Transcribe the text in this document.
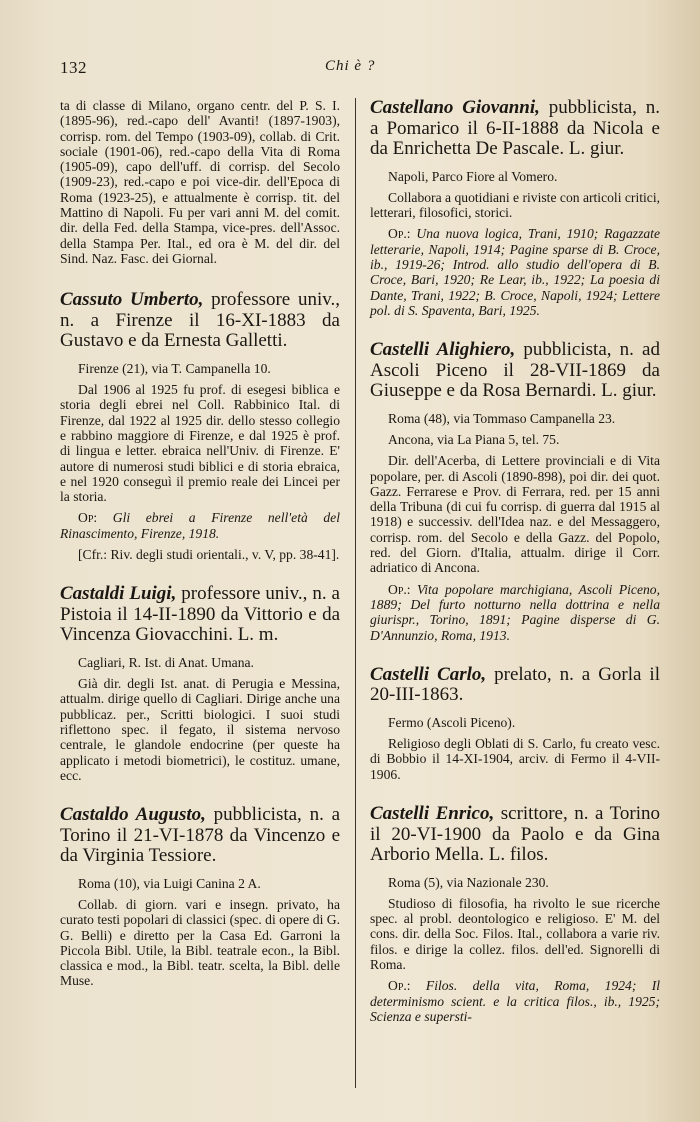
132	Chi è ?

ta di classe di Milano, organo centr. del P. S. I. (1895-96), red.-capo dell' Avanti! (1897-1903), corrisp. rom. del Tempo (1903-09), collab. di Crit. sociale (1901-06), red.-capo della Vita di Roma (1905-09), capo dell'uff. di corrisp. del Secolo (1909-23), red.-capo e poi vice-dir. dell'Epoca di Roma (1923-25), e attualmente è corrisp. tit. del Mattino di Napoli. Fu per vari anni M. del comit. dir. della Fed. della Stampa, vice-pres. dell'Assoc. della Stampa Per. Ital., ed ora è M. del dir. del Sind. Naz. Fasc. dei Giornal.

Cassuto Umberto, professore univ., n. a Firenze il 16-XI-1883 da Gustavo e da Ernesta Galletti.

Firenze (21), via T. Campanella 10.

Dal 1906 al 1925 fu prof. di esegesi biblica e storia degli ebrei nel Coll. Rabbinico Ital. di Firenze, dal 1922 al 1925 dir. dello stesso collegio e rabbino maggiore di Firenze, e dal 1925 è prof. di lingua e letter. ebraica nell'Univ. di Firenze. E' autore di numerosi studi biblici e di storia ebraica, e nel 1920 conseguì il premio reale dei Lincei per la storia.

Op: Gli ebrei a Firenze nell'età del Rinascimento, Firenze, 1918.

[Cfr.: Riv. degli studi orientali., v. V, pp. 38-41].

Castaldi Luigi, professore univ., n. a Pistoia il 14-II-1890 da Vittorio e da Vincenza Giovacchini. L. m.

Cagliari, R. Ist. di Anat. Umana.

Già dir. degli Ist. anat. di Perugia e Messina, attualm. dirige quello di Cagliari. Dirige anche una pubblicaz. per., Scritti biologici. I suoi studi riflettono spec. il fegato, il sistema nervoso centrale, le glandole endocrine (per queste ha applicato i metodi biometrici), le costituz. umane, ecc.

Castaldo Augusto, pubblicista, n. a Torino il 21-VI-1878 da Vincenzo e da Virginia Tessiore.

Roma (10), via Luigi Canina 2 A.

Collab. di giorn. vari e insegn. privato, ha curato testi popolari di classici (spec. di opere di G. G. Belli) e diretto per la Casa Ed. Garroni la Piccola Bibl. Utile, la Bibl. teatrale econ., la Bibl. classica e mod., la Bibl. teatr. scelta, la Bibl. delle Muse.

Castellano Giovanni, pubblicista, n. a Pomarico il 6-II-1888 da Nicola e da Enrichetta De Pascale. L. giur.

Napoli, Parco Fiore al Vomero.

Collabora a quotidiani e riviste con articoli critici, letterari, filosofici, storici.

Op.: Una nuova logica, Trani, 1910; Ragazzate letterarie, Napoli, 1914; Pagine sparse di B. Croce, ib., 1919-26; Introd. allo studio dell'opera di B. Croce, Bari, 1920; Re Lear, ib., 1922; La poesia di Dante, Trani, 1922; B. Croce, Napoli, 1924; Lettere pol. di S. Spaventa, Bari, 1925.

Castelli Alighiero, pubblicista, n. ad Ascoli Piceno il 28-VII-1869 da Giuseppe e da Rosa Bernardi. L. giur.

Roma (48), via Tommaso Campanella 23.

Ancona, via La Piana 5, tel. 75.

Dir. dell'Acerba, di Lettere provinciali e di Vita popolare, per. di Ascoli (1890-898), poi dir. dei quot. Gazz. Ferrarese e Prov. di Ferrara, red. per 15 anni della Tribuna (di cui fu corrisp. di guerra dal 1915 al 1918) e successiv. dell'Idea naz. e del Messaggero, corrisp. rom. del Secolo e della Gazz. del Popolo, red. del Giorn. d'Italia, attualm. dirige il Corr. adriatico di Ancona.

Op.: Vita popolare marchigiana, Ascoli Piceno, 1889; Del furto notturno nella dottrina e nella giurispr., Torino, 1891; Pagine disperse di G. D'Annunzio, Roma, 1913.

Castelli Carlo, prelato, n. a Gorla il 20-III-1863.

Fermo (Ascoli Piceno).

Religioso degli Oblati di S. Carlo, fu creato vesc. di Bobbio il 14-XI-1904, arciv. di Fermo il 4-VII-1906.

Castelli Enrico, scrittore, n. a Torino il 20-VI-1900 da Paolo e da Gina Arborio Mella. L. filos.

Roma (5), via Nazionale 230.

Studioso di filosofia, ha rivolto le sue ricerche spec. al probl. deontologico e religioso. E' M. del cons. dir. della Soc. Filos. Ital., collabora a varie riv. filos. e dirige la collez. filos. dell'ed. Signorelli di Roma.

Op.: Filos. della vita, Roma, 1924; Il determinismo scient. e la critica filos., ib., 1925; Scienza e supersti-
